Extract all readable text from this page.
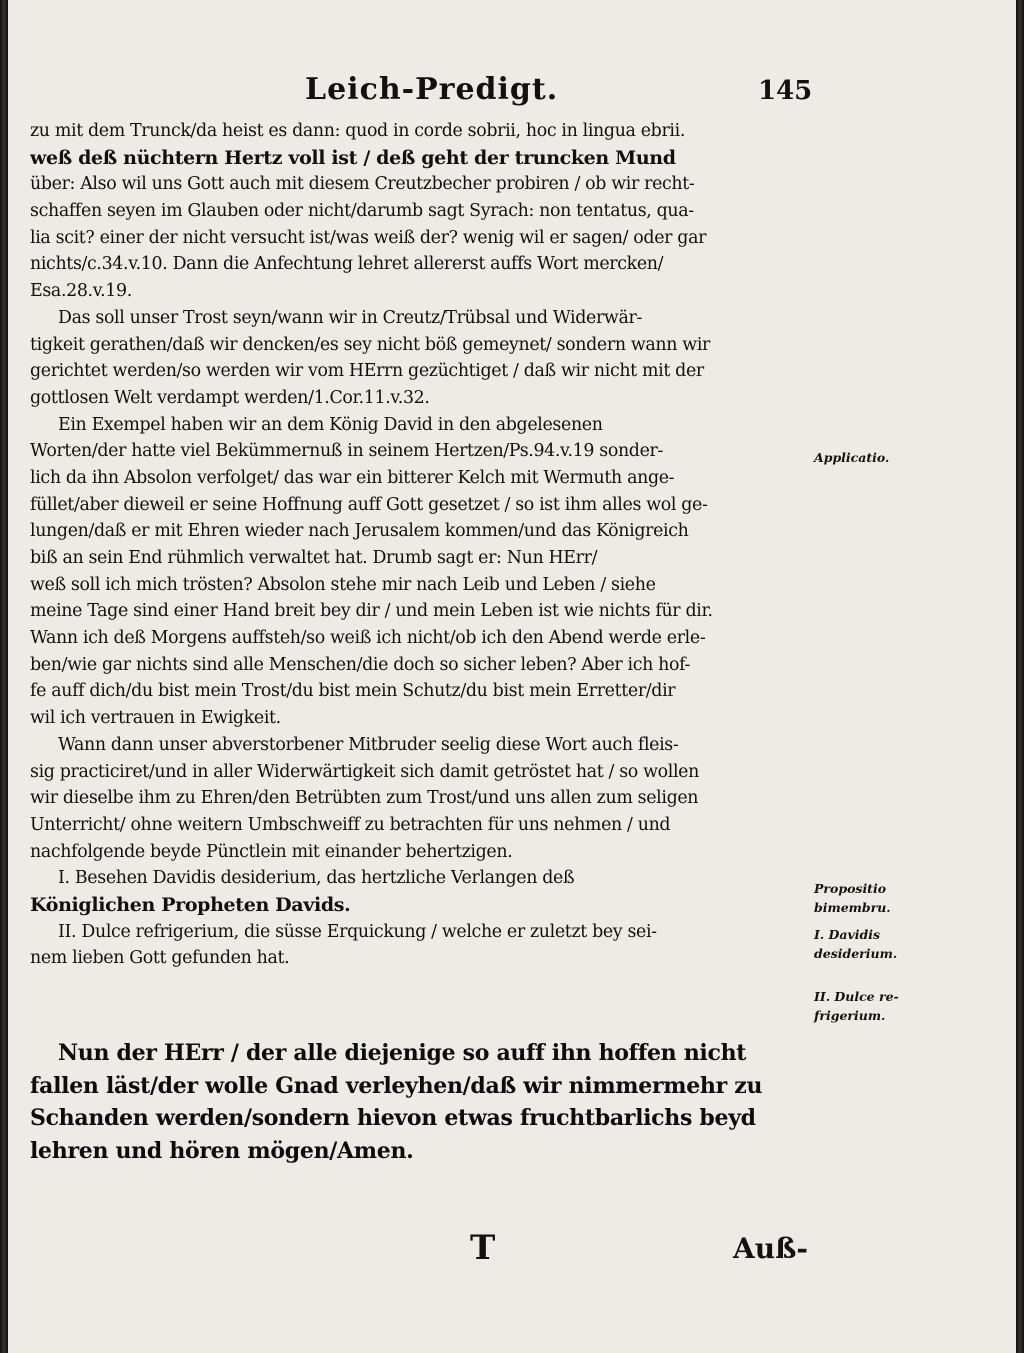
Leich-Predigt.	145
zu mit dem Trunck/da heist es dann: quod in corde sobrii, hoc in lingua ebrii.
weß deß nüchtern Hertz voll ist / deß geht der truncken Mund
über: Also wil uns Gott auch mit diesem Creutzbecher probiren / ob wir recht-
schaffen seyen im Glauben oder nicht/darumb sagt Syrach: non tentatus, qua-
lia scit? einer der nicht versucht ist/was weiß der? wenig wil er sagen/ oder gar
nichts/c.34.v.10. Dann die Anfechtung lehret allererst auffs Wort mercken/
Esa.28.v.19.
Das soll unser Trost seyn/wann wir in Creutz/Trübsal und Widerwär-
tigkeit gerathen/daß wir dencken/es sey nicht böß gemeynet/ sondern wann wir
gerichtet werden/so werden wir vom HErrn gezüchtiget / daß wir nicht mit der
gottlosen Welt verdampt werden/1.Cor.11.v.32.
Ein Exempel haben wir an dem König David in den abgelesenen
Worten/der hatte viel Bekümmernuß in seinem Hertzen/Ps.94.v.19 sonder-
lich da ihn Absolon verfolget/ das war ein bitterer Kelch mit Wermuth ange-
füllet/aber dieweil er seine Hoffnung auff Gott gesetzet / so ist ihm alles wol ge-
lungen/daß er mit Ehren wieder nach Jerusalem kommen/und das Königreich
biß an sein End rühmlich verwaltet hat. Drumb sagt er: Nun HErr/
weß soll ich mich trösten? Absolon stehe mir nach Leib und Leben / siehe
meine Tage sind einer Hand breit bey dir / und mein Leben ist wie nichts für dir.
Wann ich deß Morgens auffsteh/so weiß ich nicht/ob ich den Abend werde erle-
ben/wie gar nichts sind alle Menschen/die doch so sicher leben? Aber ich hof-
fe auff dich/du bist mein Trost/du bist mein Schutz/du bist mein Erretter/dir
wil ich vertrauen in Ewigkeit.
Wann dann unser abverstorbener Mitbruder seelig diese Wort auch fleis-
sig practiciret/und in aller Widerwärtigkeit sich damit getröstet hat / so wollen
wir dieselbe ihm zu Ehren/den Betrübten zum Trost/und uns allen zum seligen
Unterricht/ ohne weitern Umbschweiff zu betrachten für uns nehmen / und
nachfolgende beyde Pünctlein mit einander behertzigen.
I. Besehen Davidis desiderium, das hertzliche Verlangen deß
Königlichen Propheten Davids.
II. Dulce refrigerium, die süsse Erquickung / welche er zuletzt bey sei-
nem lieben Gott gefunden hat.
Nun der HErr / der alle diejenige so auff ihn hoffen nicht
fallen läst/der wolle Gnad verleyhen/daß wir nimmermehr zu
Schanden werden/sondern hievon etwas fruchtbarlichs beyd
lehren und hören mögen/Amen.
Applicatio.
Propositio
bimembru.
I. Davidis
desiderium.
II. Dulce re-
frigerium.
T	Auß-
